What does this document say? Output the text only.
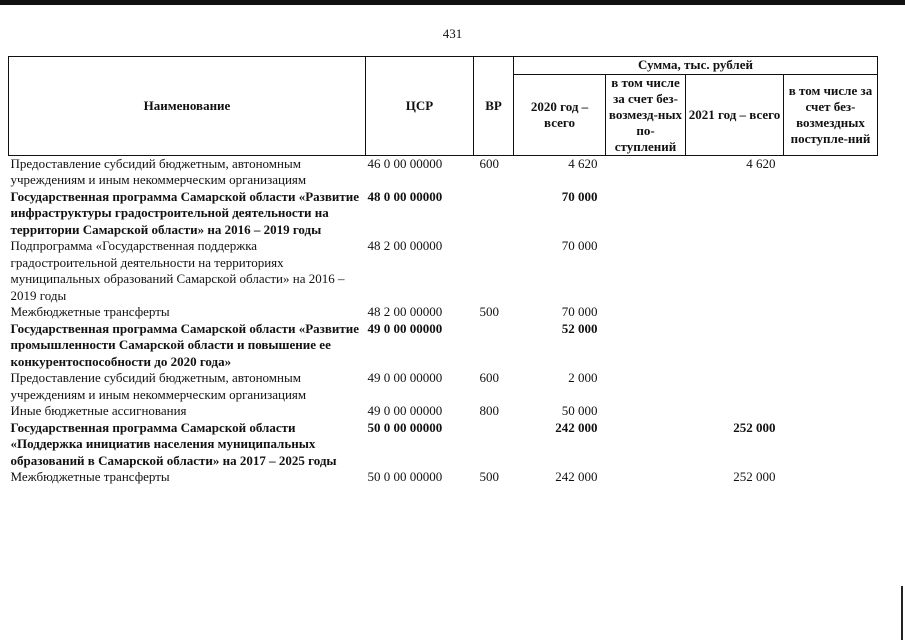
431
Наименование	ЦСР	ВР	Сумма, тыс. рублей			
			2020 год – всего	в том числе за счет без-возмезд-ных по-ступлений	2021 год – всего	в том числе за счет без-возмездных поступле-ний
Предоставление субсидий бюджетным, автономным учреждениям и иным некоммерческим организациям	46 0 00 00000	600	4 620		4 620	
Государственная программа Самарской области «Развитие инфраструктуры градостроительной деятельности на территории Самарской области» на 2016 – 2019 годы	48 0 00 00000		70 000			
Подпрограмма «Государственная поддержка градостроительной деятельности на территориях муниципальных образований Самарской области» на 2016 – 2019 годы	48 2 00 00000		70 000			
Межбюджетные трансферты	48 2 00 00000	500	70 000			
Государственная программа Самарской области «Развитие промышленности Самарской области и повышение ее конкурентоспособности до 2020 года»	49 0 00 00000		52 000			
Предоставление субсидий бюджетным, автономным учреждениям и иным некоммерческим организациям	49 0 00 00000	600	2 000			
Иные бюджетные ассигнования	49 0 00 00000	800	50 000			
Государственная программа Самарской области «Поддержка инициатив населения муниципальных образований в Самарской области» на 2017 – 2025 годы	50 0 00 00000		242 000		252 000	
Межбюджетные трансферты	50 0 00 00000	500	242 000		252 000	
